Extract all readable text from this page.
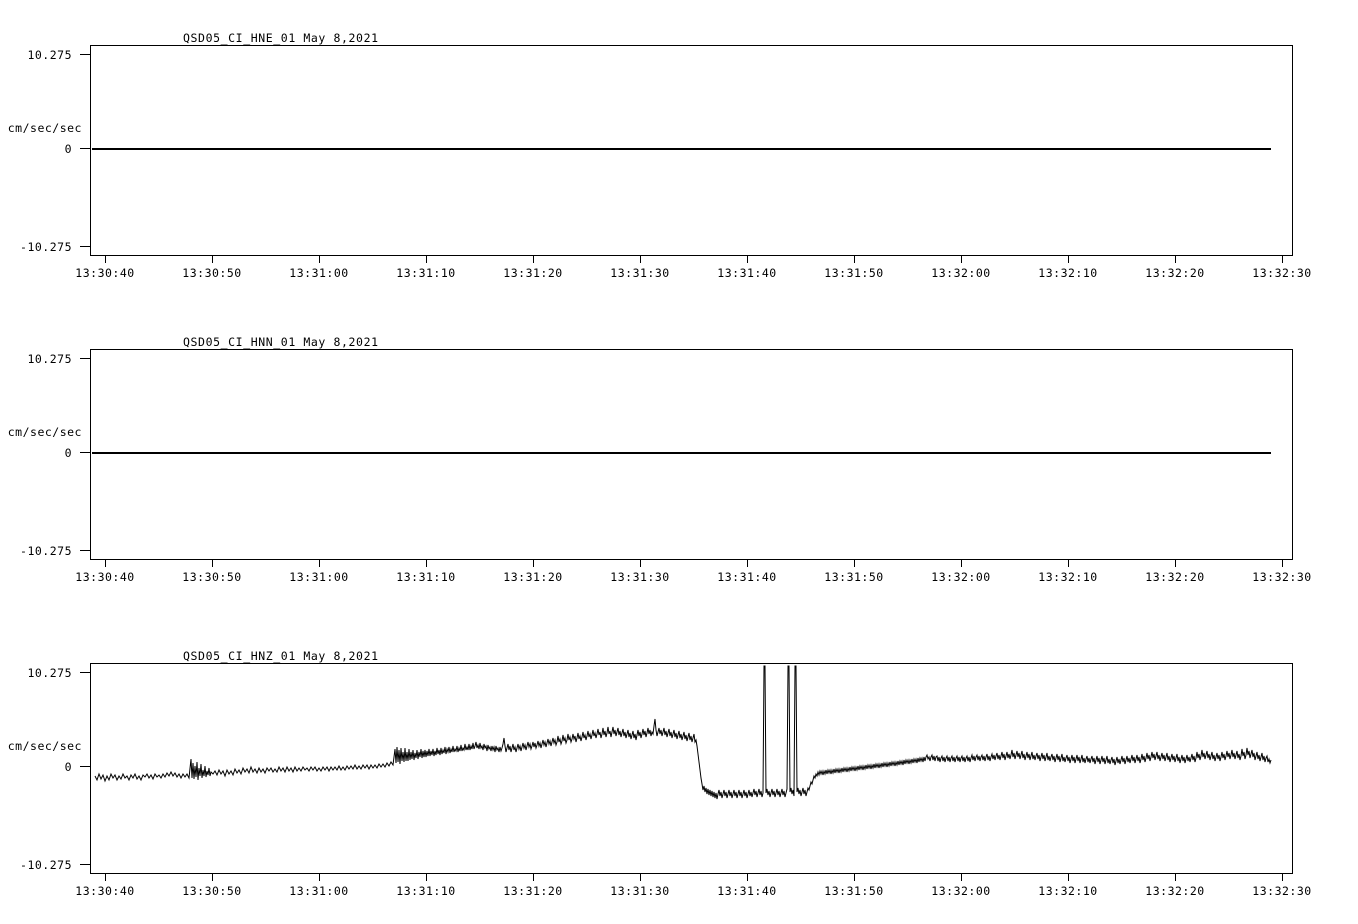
QSD05_CI_HNE_01 May 8,2021
cm/sec/sec
10.275
0
-10.275
13:30:40	13:30:50	13:31:00	13:31:10	13:31:20	13:31:30	13:31:40	13:31:50	13:32:00	13:32:10	13:32:20	13:32:30
QSD05_CI_HNN_01 May 8,2021
cm/sec/sec
10.275
0
-10.275
13:30:40	13:30:50	13:31:00	13:31:10	13:31:20	13:31:30	13:31:40	13:31:50	13:32:00	13:32:10	13:32:20	13:32:30
QSD05_CI_HNZ_01 May 8,2021
cm/sec/sec
10.275
0
-10.275
13:30:40	13:30:50	13:31:00	13:31:10	13:31:20	13:31:30	13:31:40	13:31:50	13:32:00	13:32:10	13:32:20	13:32:30
